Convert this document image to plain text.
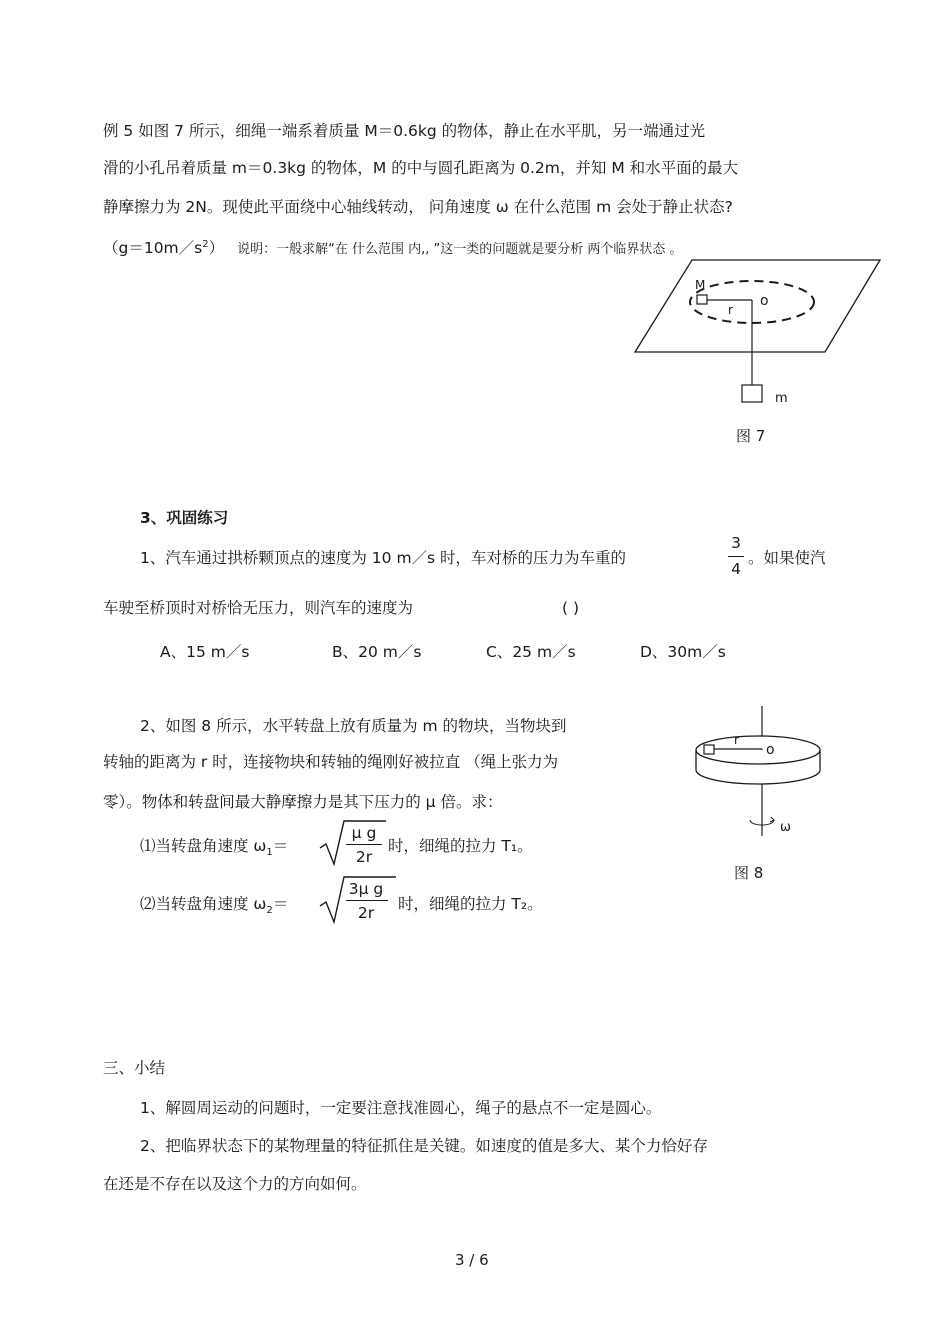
例 5 如图 7 所示，细绳一端系着质量 M＝0.6kg 的物体，静止在水平肌，另一端通过光
滑的小孔吊着质量 m＝0.3kg 的物体，M 的中与圆孔距离为 0.2m，并知 M 和水平面的最大
静摩擦力为 2N。现使此平面绕中心轴线转动， 问角速度 ω 在什么范围 m 会处于静止状态?
$(g=10m/s^2)$ 说明：一般求解“在 什么范围 内,, ”这一类的问题就是要分析 两个临界状态 。
M
r
o
m
图 7
3、巩固练习
1、汽车通过拱桥颗顶点的速度为 10 m／s 时，车对桥的压力为车重的
3
4
。如果使汽
车驶至桥顶时对桥恰无压力，则汽车的速度为	( )
A、15 m／s	B、20 m／s	C、25 m／s	D、30m／s
2、如图 8 所示，水平转盘上放有质量为 m 的物块，当物块到
转轴的距离为 r 时，连接物块和转轴的绳刚好被拉直 （绳上张力为
零）。物体和转盘间最大静摩擦力是其下压力的 μ 倍。求：
⑴当转盘角速度 $\omega_1=$
μ g
2r
时，细绳的拉力 T₁。
⑵当转盘角速度 $\omega_2=$
3μ g
2r	时，细绳的拉力 T₂。
r
o
ω
图 8
三、小结
1、解圆周运动的问题时，一定要注意找准圆心，绳子的悬点不一定是圆心。
2、把临界状态下的某物理量的特征抓住是关键。如速度的值是多大、某个力恰好存
在还是不存在以及这个力的方向如何。
3 / 6
